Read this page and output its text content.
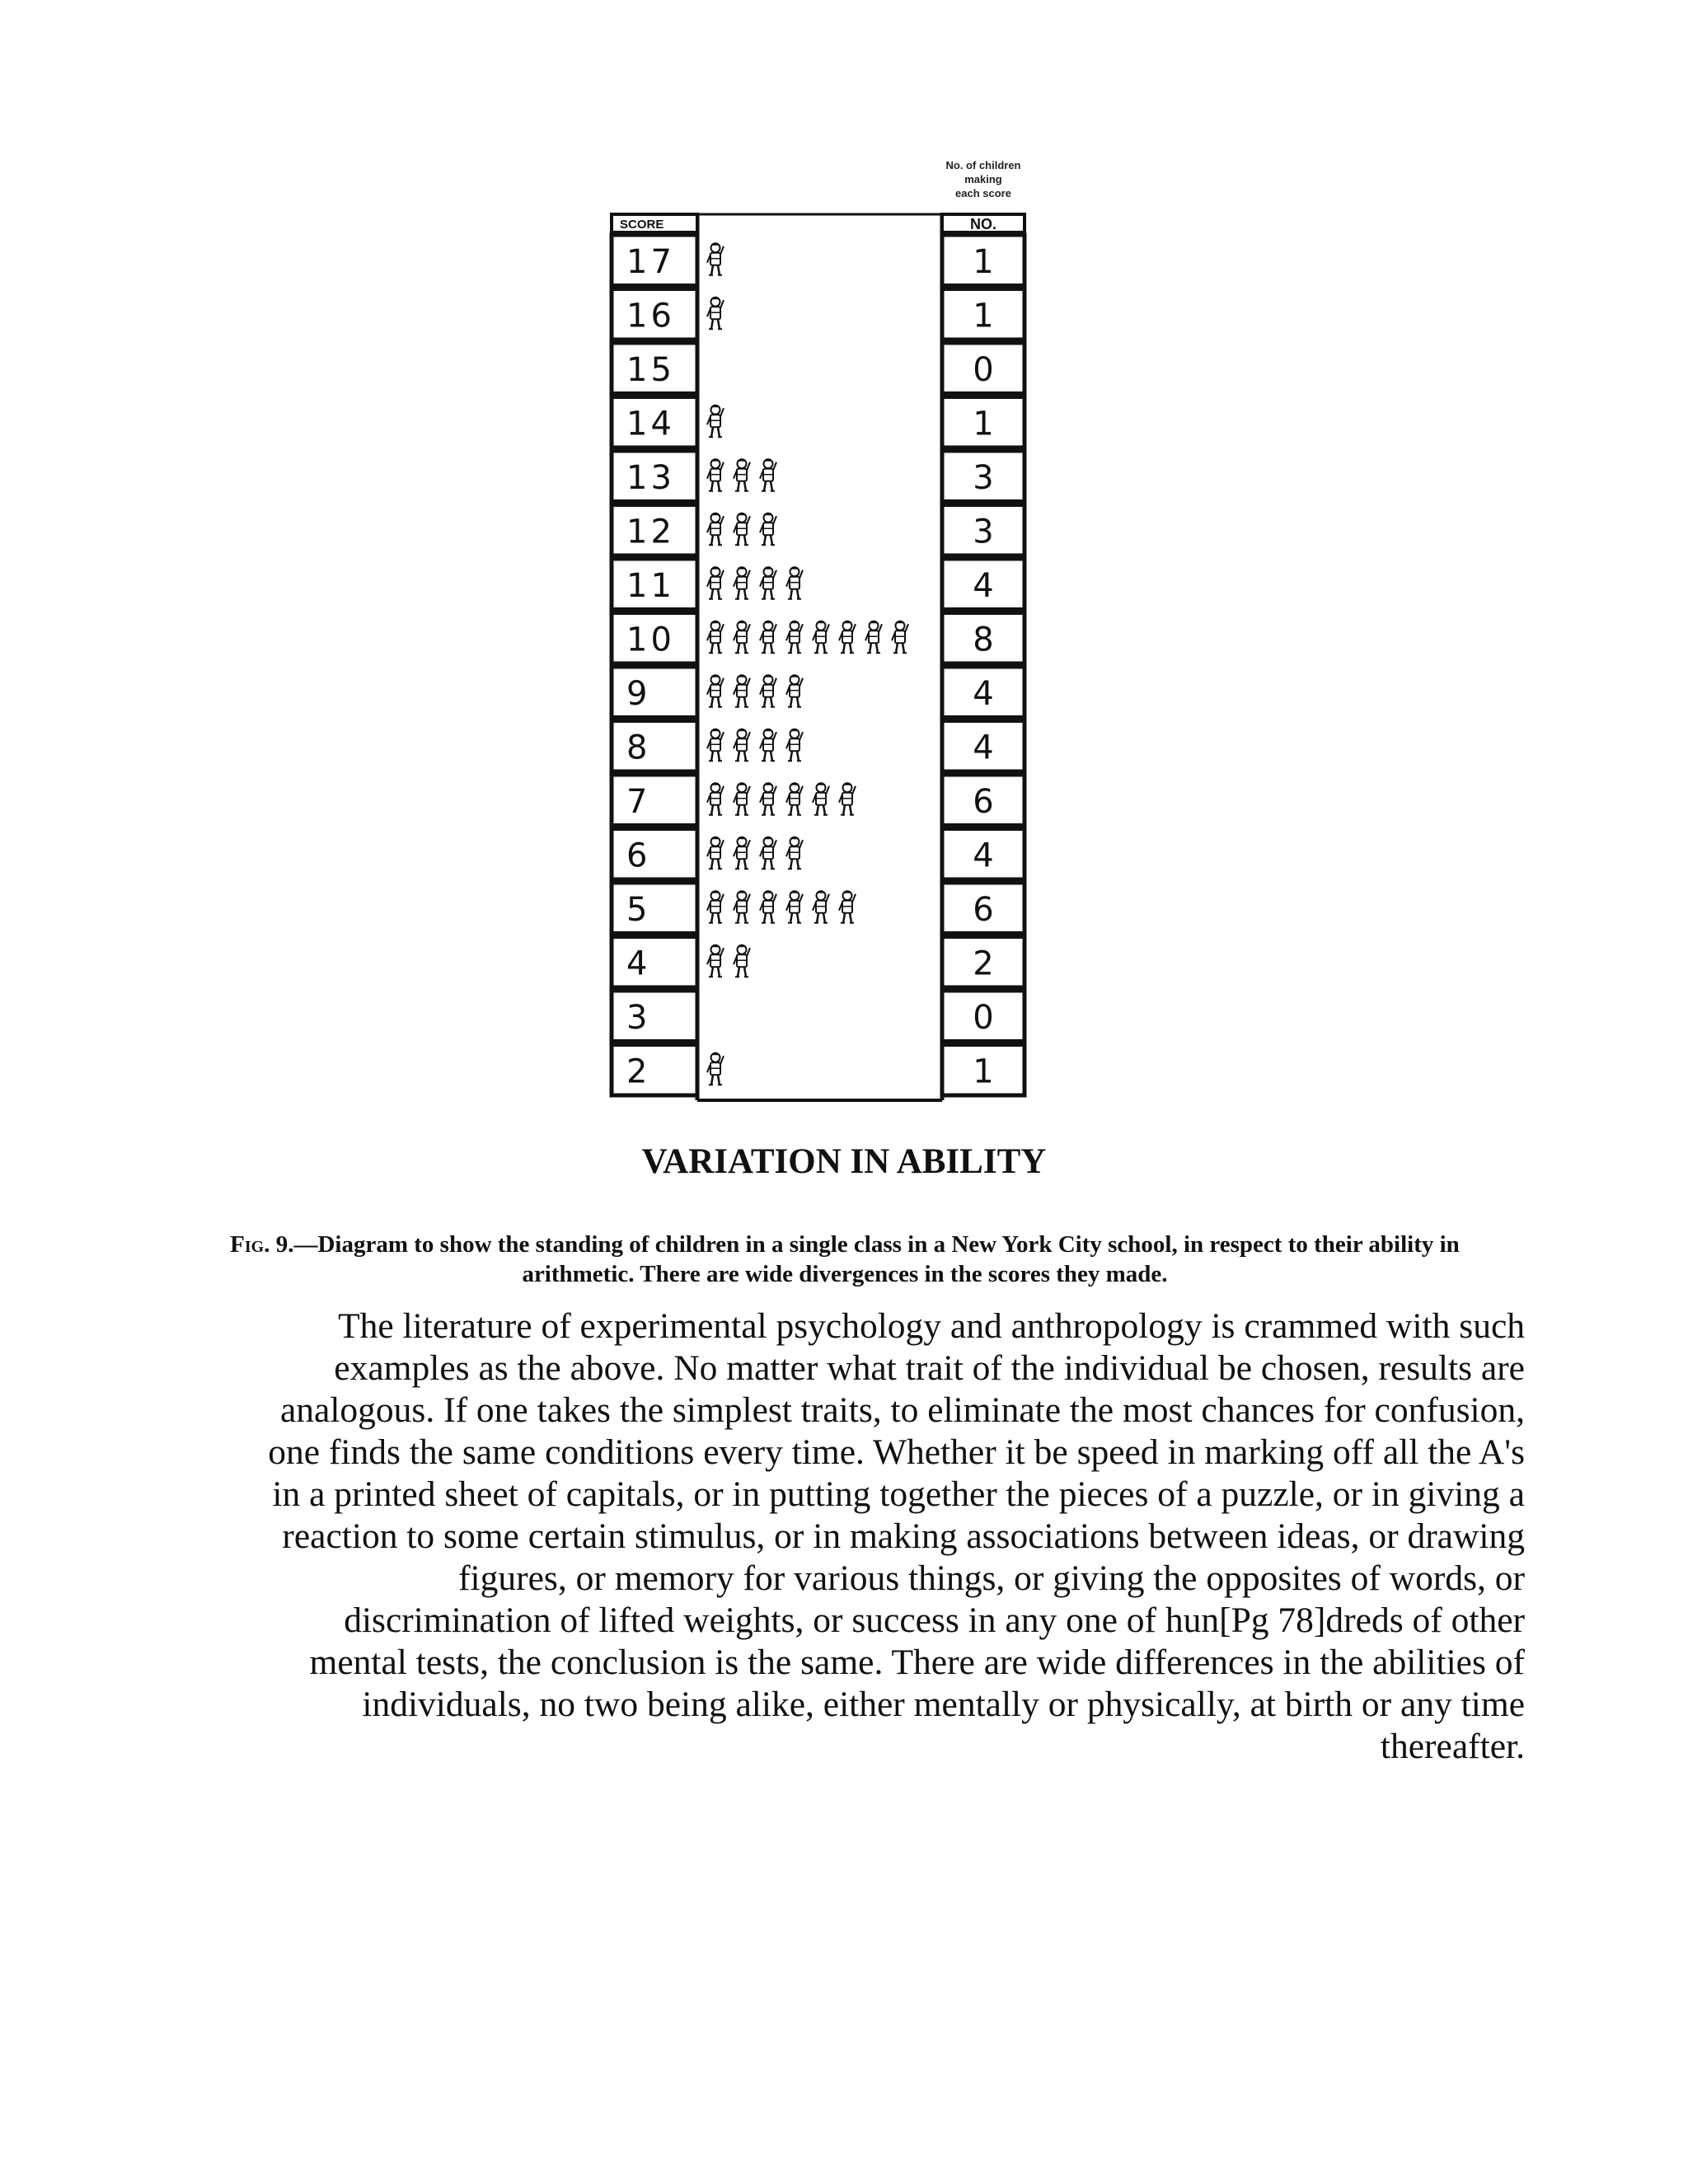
No. of children
making
each score
SCORE	NO.
17	1
16	1
15	0
14	1
13	3
12	3
11	4
10	8
9	4
8	4
7	6
6	4
5	6
4	2
3	0
2	1
VARIATION IN ABILITY
Fig. 9.—Diagram to show the standing of children in a single class in a New York City school, in respect to their ability in arithmetic. There are wide divergences in the scores they made.
The literature of experimental psychology and anthropology is crammed with such
examples as the above. No matter what trait of the individual be chosen, results are
analogous. If one takes the simplest traits, to eliminate the most chances for confusion,
one finds the same conditions every time. Whether it be speed in marking off all the A's
in a printed sheet of capitals, or in putting together the pieces of a puzzle, or in giving a
reaction to some certain stimulus, or in making associations between ideas, or drawing
figures, or memory for various things, or giving the opposites of words, or
discrimination of lifted weights, or success in any one of hun[Pg 78]dreds of other
mental tests, the conclusion is the same. There are wide differences in the abilities of
individuals, no two being alike, either mentally or physically, at birth or any time
thereafter.
